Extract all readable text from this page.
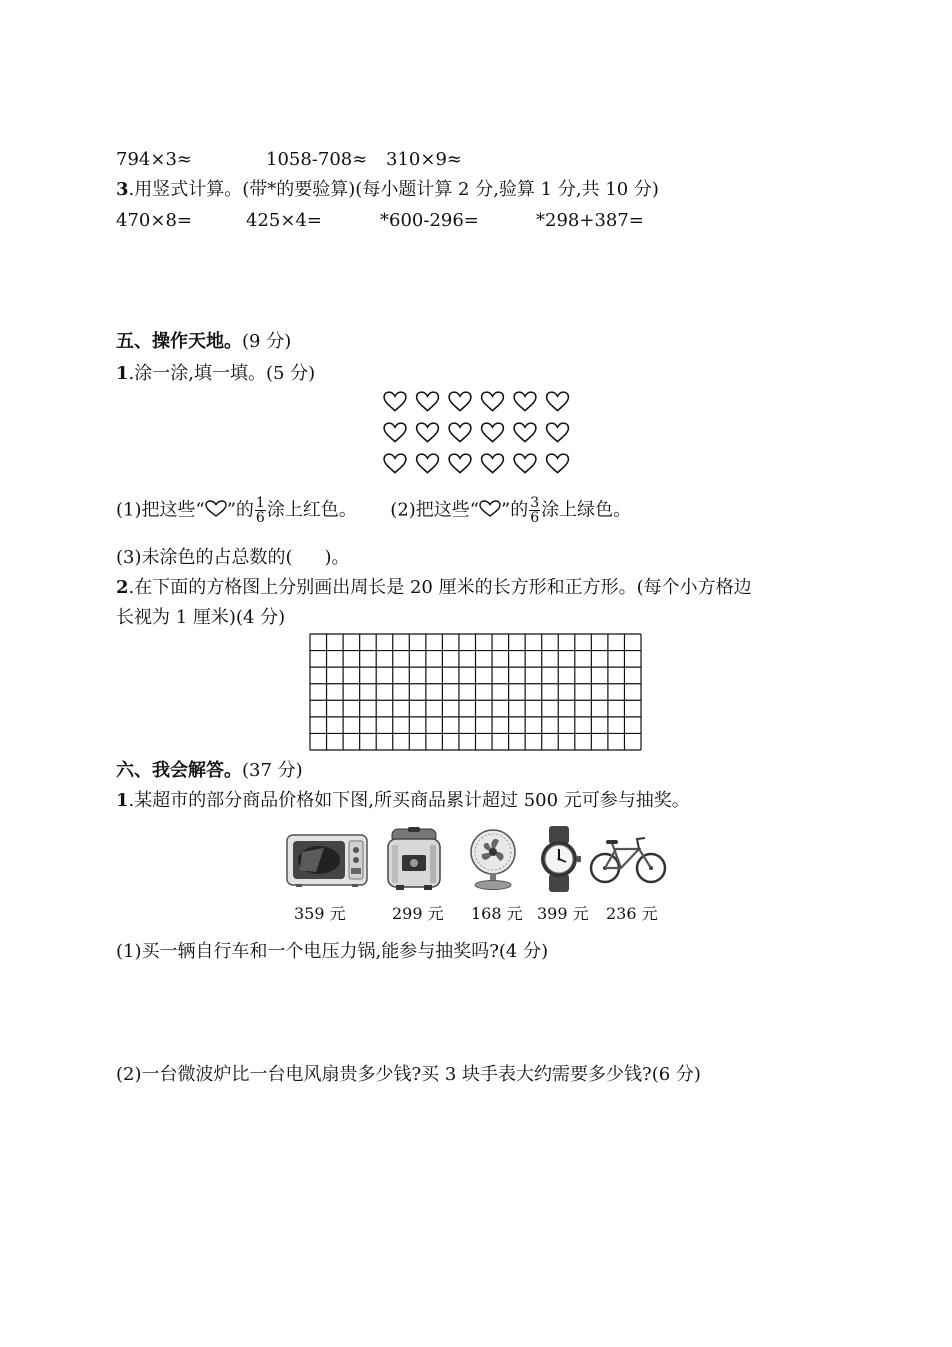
794×3≈	1058-708≈ 310×9≈
3.用竖式计算。(带*的要验算)(每小题计算 2 分,验算 1 分,共 10 分)
470×8=	425×4=	*600-296=	*298+387=
五、操作天地。(9 分)
1.涂一涂,填一填。(5 分)
(1)把这些“ ”的 $\frac{1}{6}$ 涂上红色。 (2)把这些“ ”的 $\frac{3}{6}$ 涂上绿色。
(3)未涂色的占总数的( )。
2.在下面的方格图上分别画出周长是 20 厘米的长方形和正方形。(每个小方格边
长视为 1 厘米)(4 分)
六、我会解答。(37 分)
1.某超市的部分商品价格如下图,所买商品累计超过 500 元可参与抽奖。
359 元	299 元 168 元 399 元 236 元
(1)买一辆自行车和一个电压力锅,能参与抽奖吗?(4 分)
(2)一台微波炉比一台电风扇贵多少钱?买 3 块手表大约需要多少钱?(6 分)
